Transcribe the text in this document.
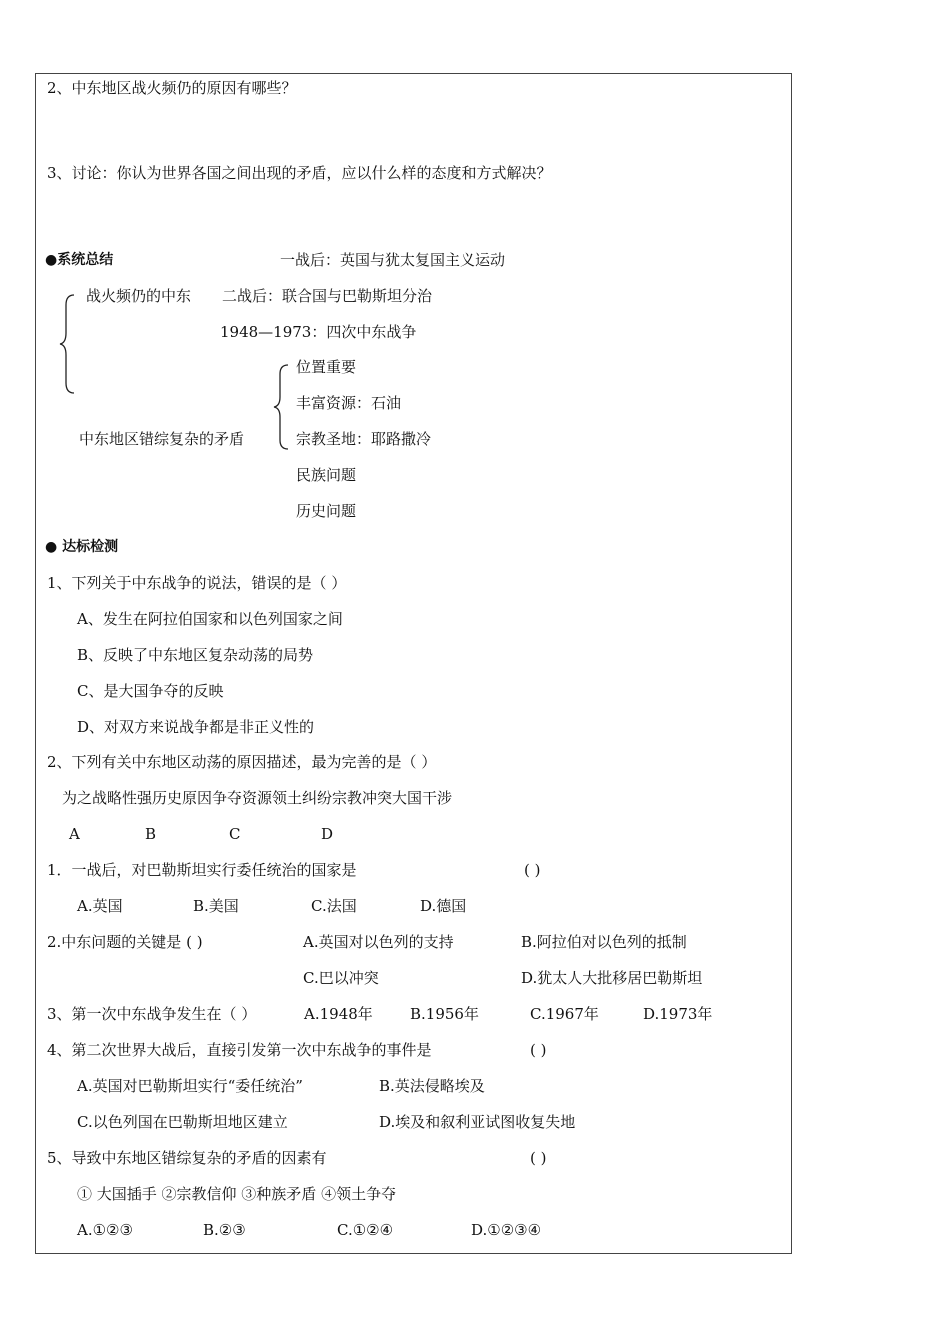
2、中东地区战火频仍的原因有哪些？
3、讨论：你认为世界各国之间出现的矛盾，应以什么样的态度和方式解决？
●系统总结	一战后：英国与犹太复国主义运动
战火频仍的中东 二战后：联合国与巴勒斯坦分治
1948—1973：四次中东战争
位置重要
丰富资源：石油
中东地区错综复杂的矛盾	宗教圣地：耶路撒冷
民族问题
历史问题
● 达标检测
1、下列关于中东战争的说法，错误的是（ ）
A、发生在阿拉伯国家和以色列国家之间
B、反映了中东地区复杂动荡的局势
C、是大国争夺的反映
D、对双方来说战争都是非正义性的
2、下列有关中东地区动荡的原因描述，最为完善的是（ ）
为之战略性强历史原因争夺资源领土纠纷宗教冲突大国干涉
A	B	C	D
1．一战后，对巴勒斯坦实行委任统治的国家是	( )
A.英国	B.美国	C.法国	D.德国
2.中东问题的关键是 ( )	A.英国对以色列的支持	B.阿拉伯对以色列的抵制
C.巴以冲突	D.犹太人大批移居巴勒斯坦
3、第一次中东战争发生在（ ）	A.1948年 B.1956年	C.1967年	D.1973年
4、第二次世界大战后，直接引发第一次中东战争的事件是	( )
A.英国对巴勒斯坦实行“委任统治”	B.英法侵略埃及
C.以色列国在巴勒斯坦地区建立	D.埃及和叙利亚试图收复失地
5、导致中东地区错综复杂的矛盾的因素有	( )
① 大国插手 ②宗教信仰 ③种族矛盾 ④领土争夺
A.①②③	B.②③	C.①②④	D.①②③④
